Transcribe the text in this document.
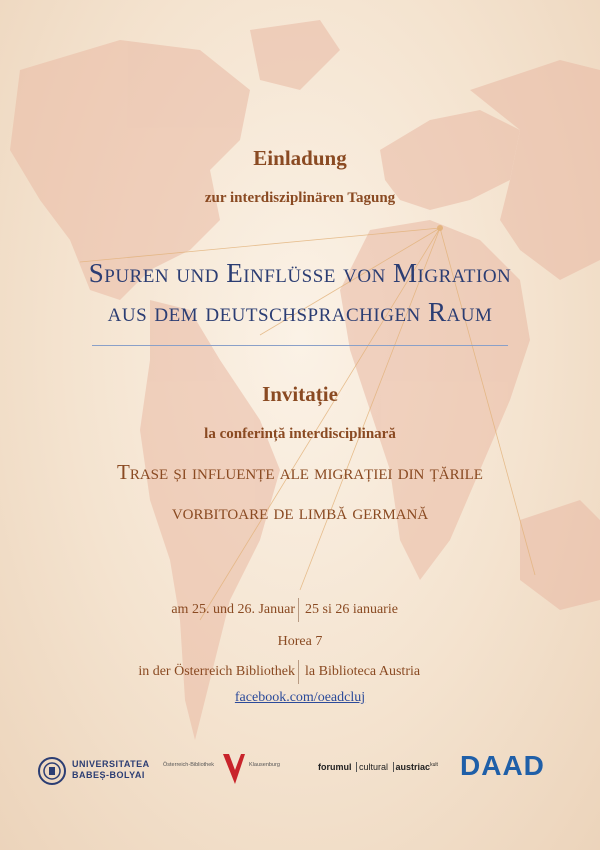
Einladung
zur interdisziplinären Tagung
Spuren und Einflüsse von Migration
aus dem deutschsprachigen Raum
Invitație
la conferință interdisciplinară
Trase și influențe ale migrației din țările
vorbitoare de limbă germană
am 25. und 26. Januar 25 si 26 ianuarie
Horea 7
in der Österreich Bibliothek la Biblioteca Austria
facebook.com/oeadcluj
UNIVERSITATEA
BABEȘ-BOLYAI
Österreich-Bibliothek	Klausenburg	forumul cultural austriac$^{kult}$ DAAD
